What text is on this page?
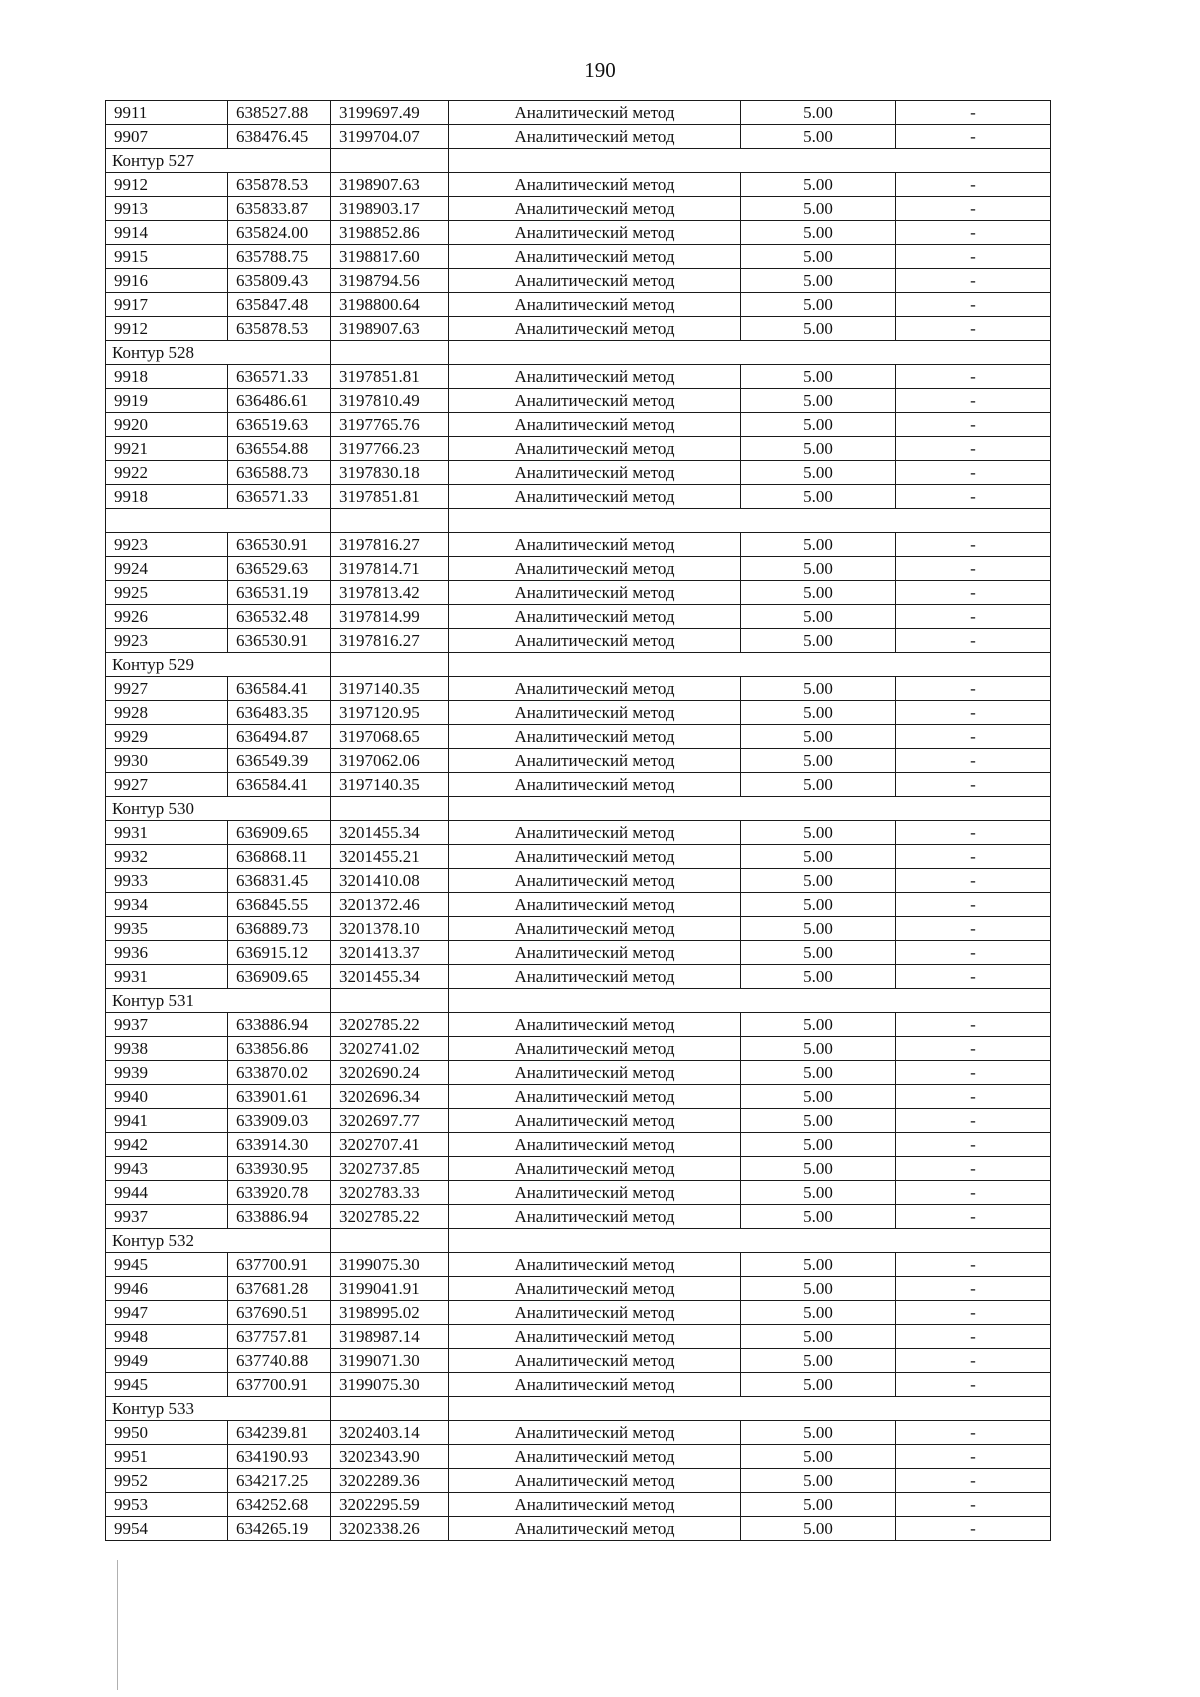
190
9911	638527.88	3199697.49	Аналитический метод	5.00	-
9907	638476.45	3199704.07	Аналитический метод	5.00	-
Контур 527					
9912	635878.53	3198907.63	Аналитический метод	5.00	-
9913	635833.87	3198903.17	Аналитический метод	5.00	-
9914	635824.00	3198852.86	Аналитический метод	5.00	-
9915	635788.75	3198817.60	Аналитический метод	5.00	-
9916	635809.43	3198794.56	Аналитический метод	5.00	-
9917	635847.48	3198800.64	Аналитический метод	5.00	-
9912	635878.53	3198907.63	Аналитический метод	5.00	-
Контур 528					
9918	636571.33	3197851.81	Аналитический метод	5.00	-
9919	636486.61	3197810.49	Аналитический метод	5.00	-
9920	636519.63	3197765.76	Аналитический метод	5.00	-
9921	636554.88	3197766.23	Аналитический метод	5.00	-
9922	636588.73	3197830.18	Аналитический метод	5.00	-
9918	636571.33	3197851.81	Аналитический метод	5.00	-

9923	636530.91	3197816.27	Аналитический метод	5.00	-
9924	636529.63	3197814.71	Аналитический метод	5.00	-
9925	636531.19	3197813.42	Аналитический метод	5.00	-
9926	636532.48	3197814.99	Аналитический метод	5.00	-
9923	636530.91	3197816.27	Аналитический метод	5.00	-
Контур 529					
9927	636584.41	3197140.35	Аналитический метод	5.00	-
9928	636483.35	3197120.95	Аналитический метод	5.00	-
9929	636494.87	3197068.65	Аналитический метод	5.00	-
9930	636549.39	3197062.06	Аналитический метод	5.00	-
9927	636584.41	3197140.35	Аналитический метод	5.00	-
Контур 530					
9931	636909.65	3201455.34	Аналитический метод	5.00	-
9932	636868.11	3201455.21	Аналитический метод	5.00	-
9933	636831.45	3201410.08	Аналитический метод	5.00	-
9934	636845.55	3201372.46	Аналитический метод	5.00	-
9935	636889.73	3201378.10	Аналитический метод	5.00	-
9936	636915.12	3201413.37	Аналитический метод	5.00	-
9931	636909.65	3201455.34	Аналитический метод	5.00	-
Контур 531					
9937	633886.94	3202785.22	Аналитический метод	5.00	-
9938	633856.86	3202741.02	Аналитический метод	5.00	-
9939	633870.02	3202690.24	Аналитический метод	5.00	-
9940	633901.61	3202696.34	Аналитический метод	5.00	-
9941	633909.03	3202697.77	Аналитический метод	5.00	-
9942	633914.30	3202707.41	Аналитический метод	5.00	-
9943	633930.95	3202737.85	Аналитический метод	5.00	-
9944	633920.78	3202783.33	Аналитический метод	5.00	-
9937	633886.94	3202785.22	Аналитический метод	5.00	-
Контур 532					
9945	637700.91	3199075.30	Аналитический метод	5.00	-
9946	637681.28	3199041.91	Аналитический метод	5.00	-
9947	637690.51	3198995.02	Аналитический метод	5.00	-
9948	637757.81	3198987.14	Аналитический метод	5.00	-
9949	637740.88	3199071.30	Аналитический метод	5.00	-
9945	637700.91	3199075.30	Аналитический метод	5.00	-
Контур 533					
9950	634239.81	3202403.14	Аналитический метод	5.00	-
9951	634190.93	3202343.90	Аналитический метод	5.00	-
9952	634217.25	3202289.36	Аналитический метод	5.00	-
9953	634252.68	3202295.59	Аналитический метод	5.00	-
9954	634265.19	3202338.26	Аналитический метод	5.00	-
